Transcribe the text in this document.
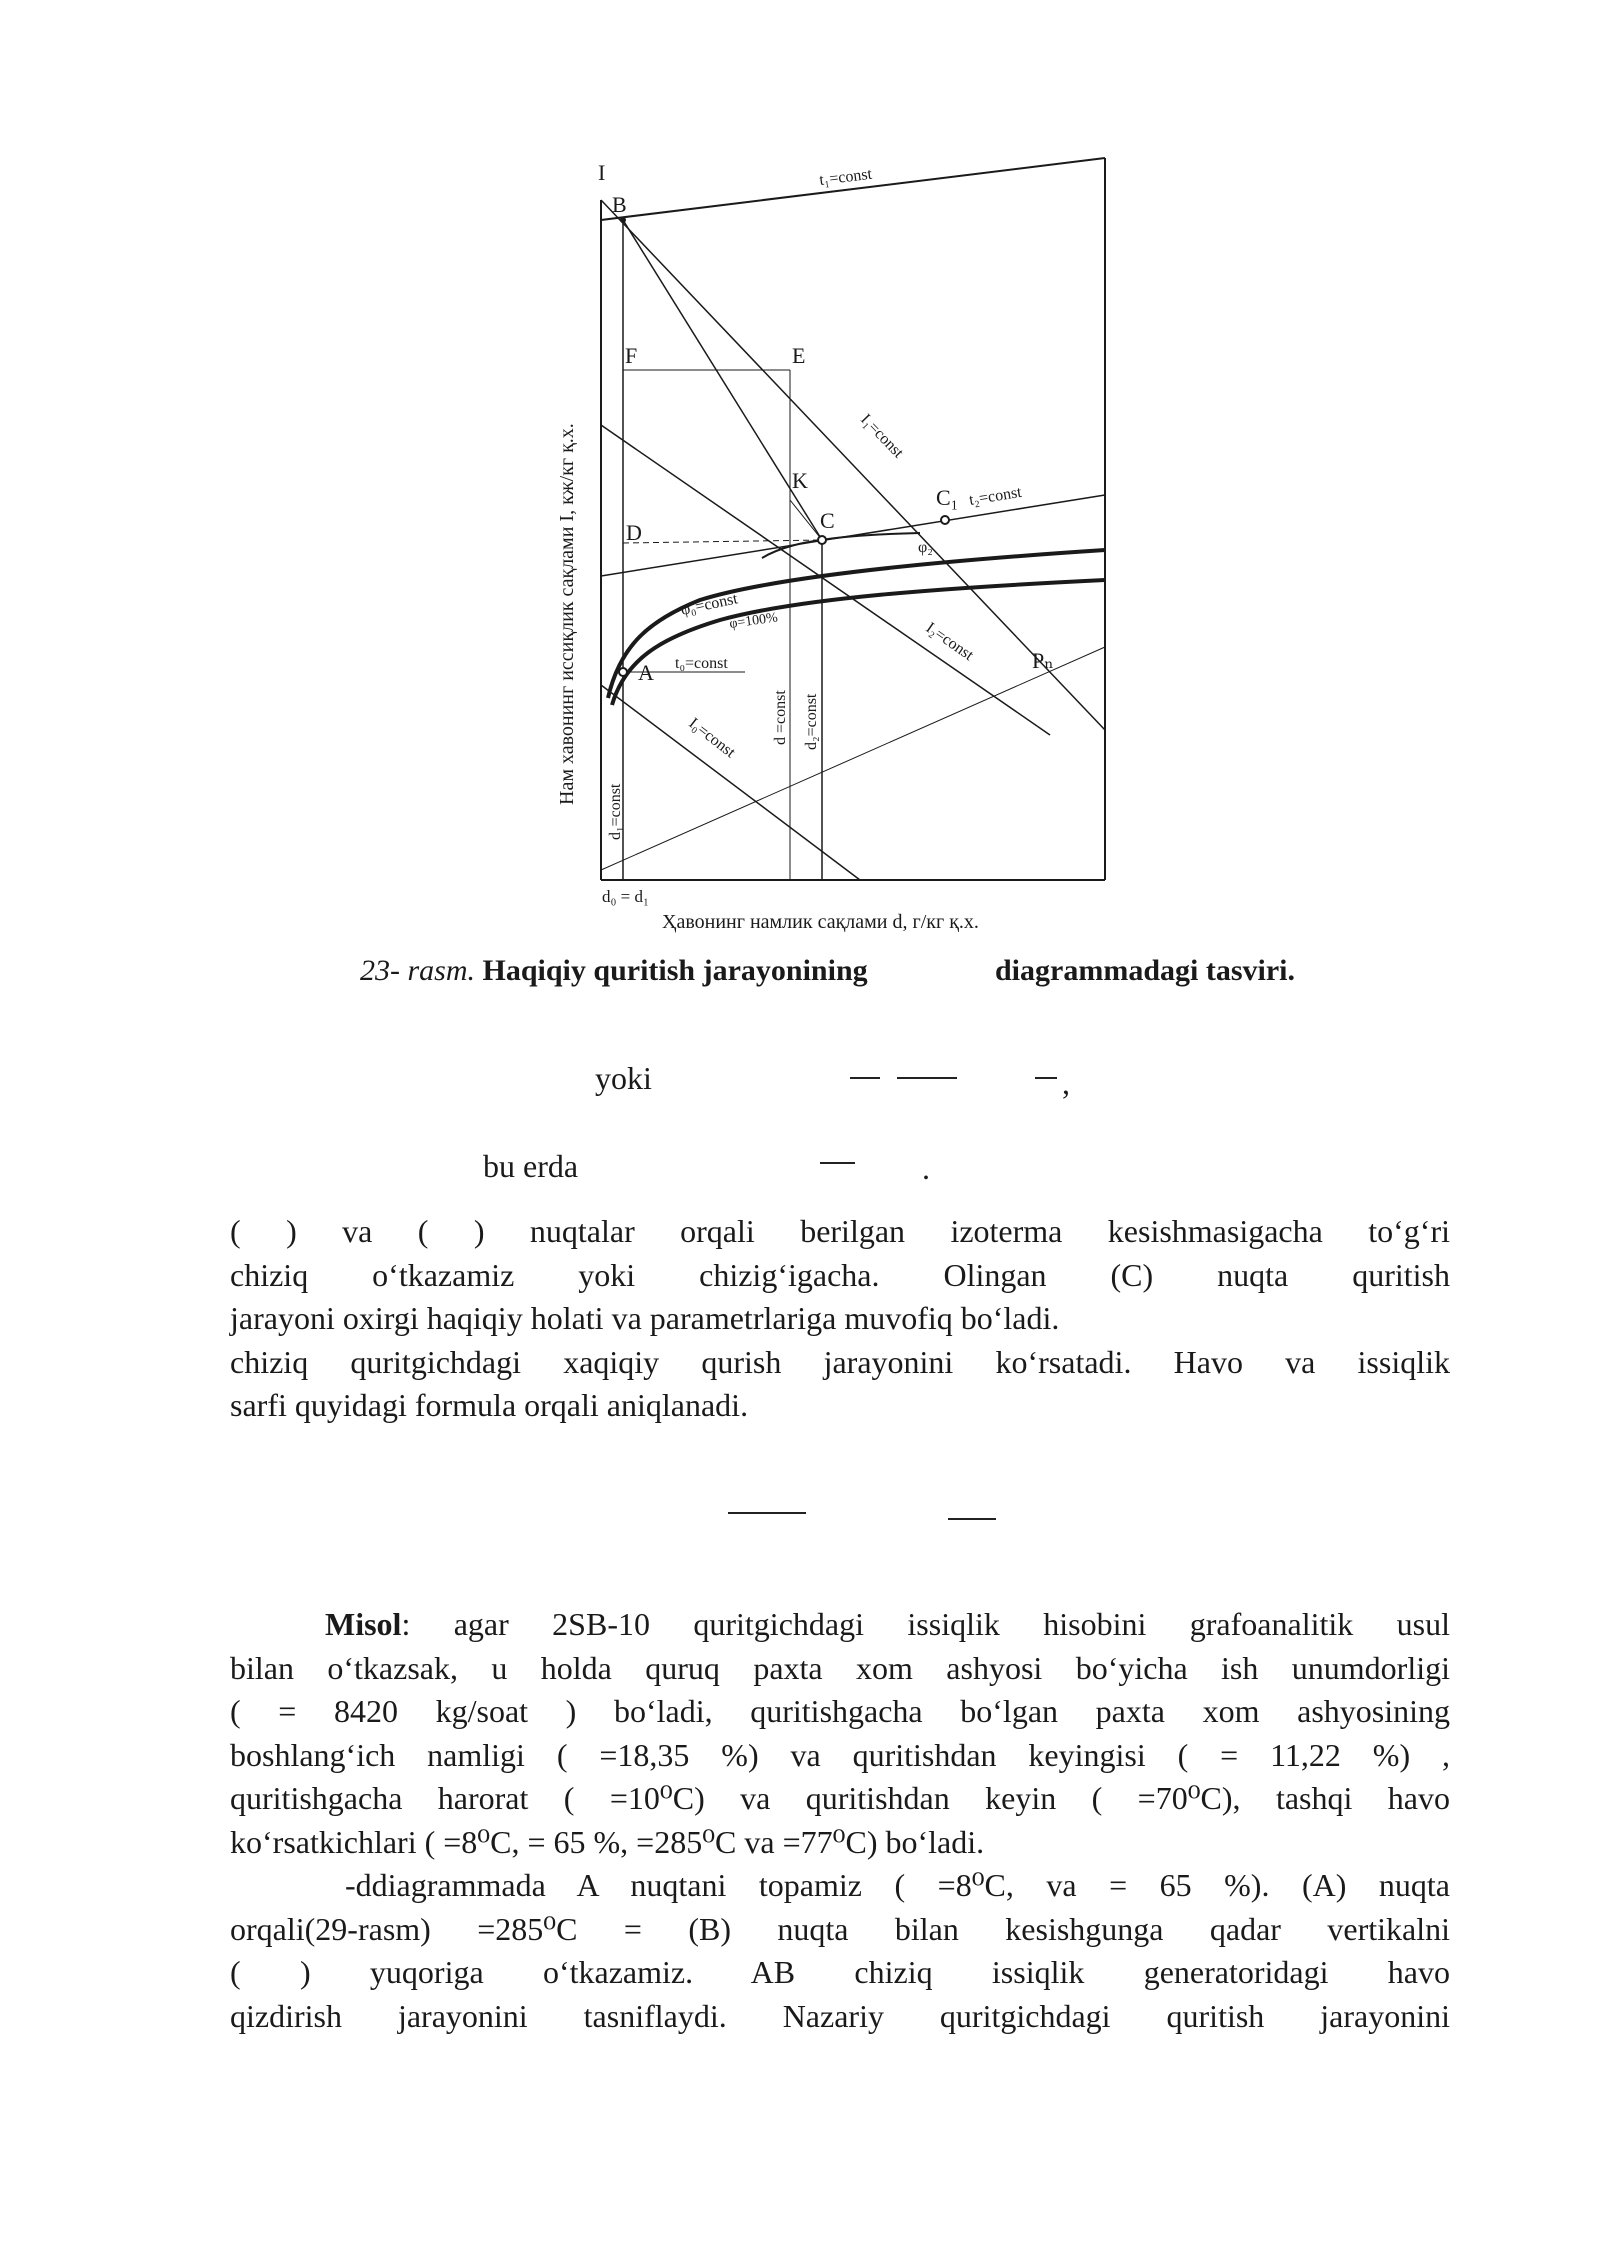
I
B
F	E
K
D	C
C₁
A	Pₙ
t₁=const
I₁=const
t₂=const
φ₂
φ₀=const
φ=100%	I₂=const
t₀=const
d =const d₂=const
I₀=const
d₁=const
Нам хавонинг иссиқлик сақлами I, кж/кг қ.х.
d₀ = d₁
Ҳавонинг намлик сақлами d, г/кг қ.х.
23- rasm. Haqiqiy quritish jarayonining	diagrammadagi tasviri.
yoki	,
bu erda	.
( ) va ( ) nuqtalar orqali berilgan izoterma kesishmasigacha to‘g‘ri
chiziq o‘tkazamiz yoki chizig‘igacha. Olingan (C) nuqta quritish
jarayoni oxirgi haqiqiy holati va parametrlariga muvofiq bo‘ladi.
chiziq quritgichdagi xaqiqiy qurish jarayonini ko‘rsatadi. Havo va issiqlik
sarfi quyidagi formula orqali aniqlanadi.
Misol: agar 2SB-10 quritgichdagi issiqlik hisobini grafoanalitik usul
bilan o‘tkazsak, u holda quruq paxta xom ashyosi bo‘yicha ish unumdorligi
( = 8420 kg/soat ) bo‘ladi, quritishgacha bo‘lgan paxta xom ashyosining
boshlang‘ich namligi ( =18,35 %) va quritishdan keyingisi ( = 11,22 %) ,
quritishgacha harorat ( =10⁰C) va quritishdan keyin ( =70⁰C), tashqi havo
ko‘rsatkichlari ( =8⁰C, = 65 %, =285⁰C va =77⁰C) bo‘ladi.
-ddiagrammada A nuqtani topamiz ( =8⁰C, va = 65 %). (A) nuqta
orqali(29-rasm) =285⁰C = (B) nuqta bilan kesishgunga qadar vertikalni
( ) yuqoriga o‘tkazamiz. AB chiziq issiqlik generatoridagi havo
qizdirish jarayonini tasniflaydi. Nazariy quritgichdagi quritish jarayonini
